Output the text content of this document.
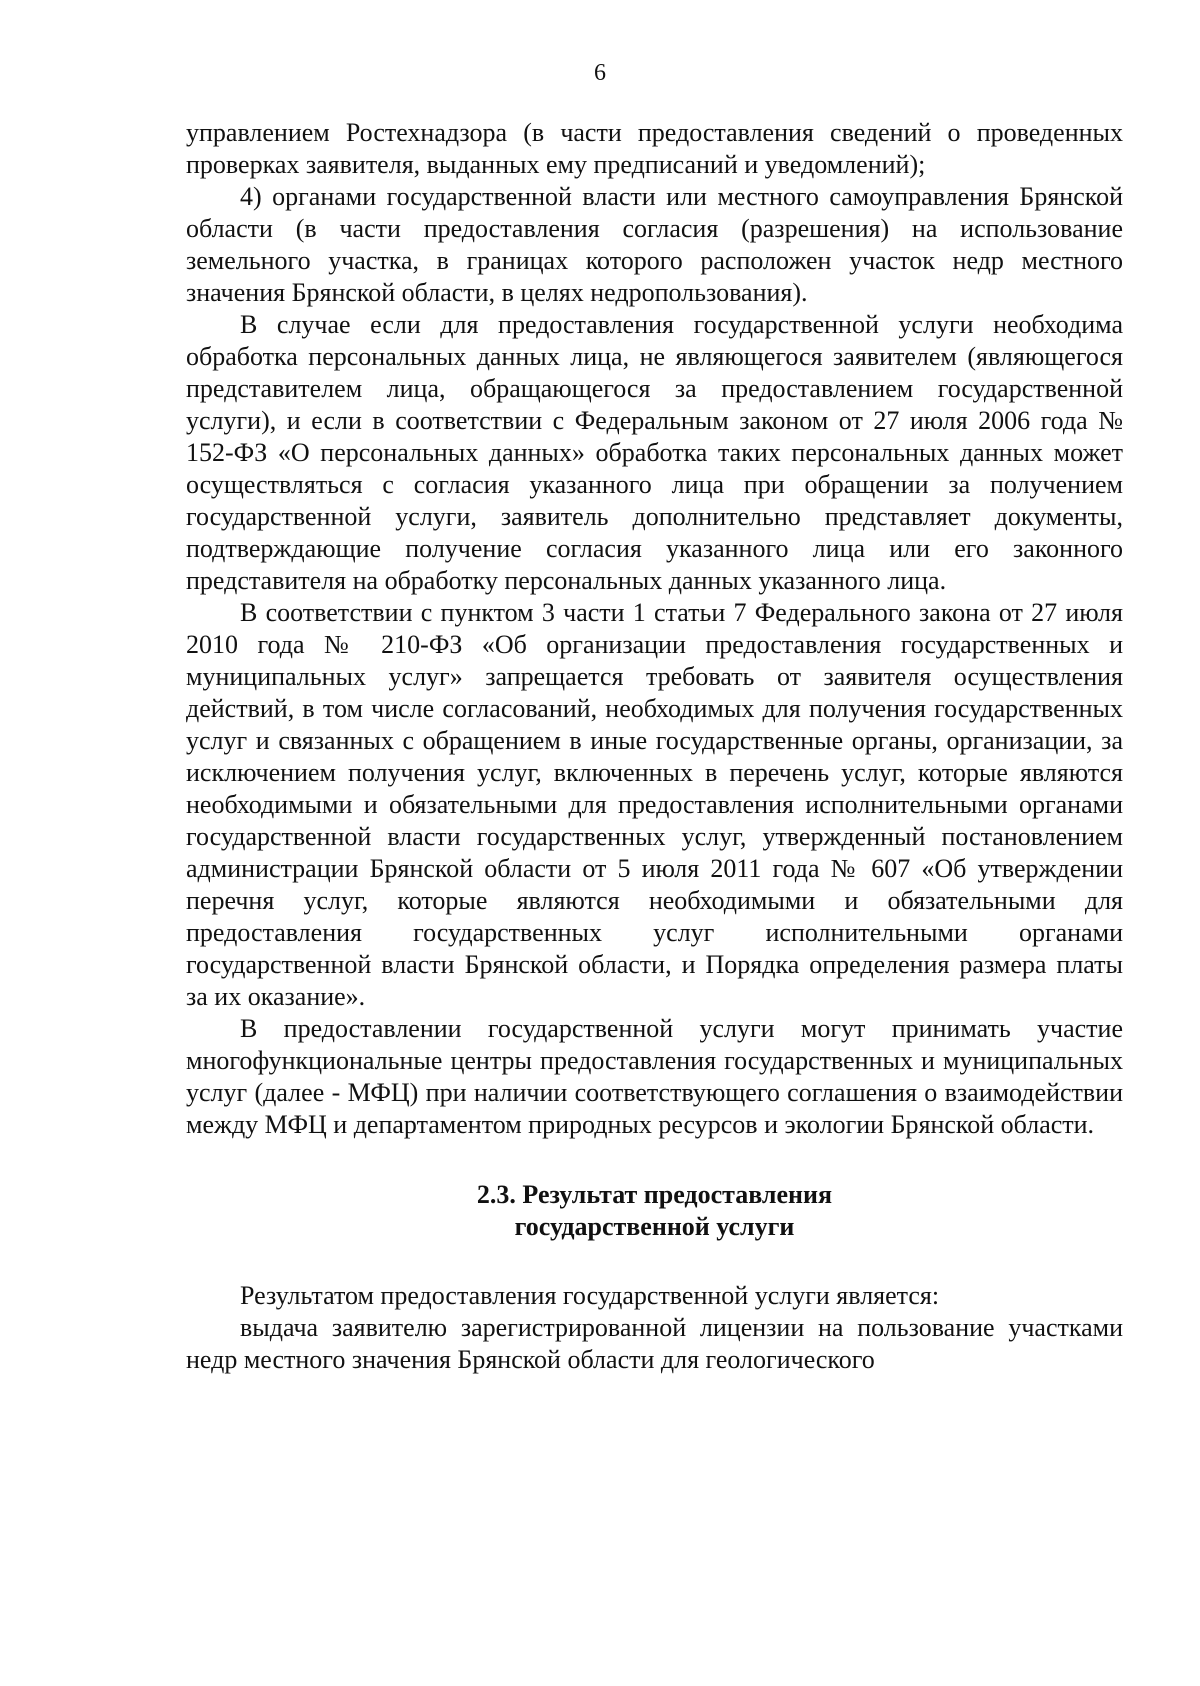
6

управлением Ростехнадзора (в части предоставления сведений о проведенных проверках заявителя, выданных ему предписаний и уведомлений);

4) органами государственной власти или местного самоуправления Брянской области (в части предоставления согласия (разрешения) на использование земельного участка, в границах которого расположен участок недр местного значения Брянской области, в целях недропользования).

В случае если для предоставления государственной услуги необходима обработка персональных данных лица, не являющегося заявителем (являющегося представителем лица, обращающегося за предоставлением государственной услуги), и если в соответствии с Федеральным законом от 27 июля 2006 года № 152-ФЗ «О персональных данных» обработка таких персональных данных может осуществляться с согласия указанного лица при обращении за получением государственной услуги, заявитель дополнительно представляет документы, подтверждающие получение согласия указанного лица или его законного представителя на обработку персональных данных указанного лица.

В соответствии с пунктом 3 части 1 статьи 7 Федерального закона от 27 июля 2010 года № 210-ФЗ «Об организации предоставления государственных и муниципальных услуг» запрещается требовать от заявителя осуществления действий, в том числе согласований, необходимых для получения государственных услуг и связанных с обращением в иные государственные органы, организации, за исключением получения услуг, включенных в перечень услуг, которые являются необходимыми и обязательными для предоставления исполнительными органами государственной власти государственных услуг, утвержденный постановлением администрации Брянской области от 5 июля 2011 года № 607 «Об утверждении перечня услуг, которые являются необходимыми и обязательными для предоставления государственных услуг исполнительными органами государственной власти Брянской области, и Порядка определения размера платы за их оказание».

В предоставлении государственной услуги могут принимать участие многофункциональные центры предоставления государственных и муниципальных услуг (далее - МФЦ) при наличии соответствующего соглашения о взаимодействии между МФЦ и департаментом природных ресурсов и экологии Брянской области.

2.3. Результат предоставления
государственной услуги

Результатом предоставления государственной услуги является:

выдача заявителю зарегистрированной лицензии на пользование участками недр местного значения Брянской области для геологического
